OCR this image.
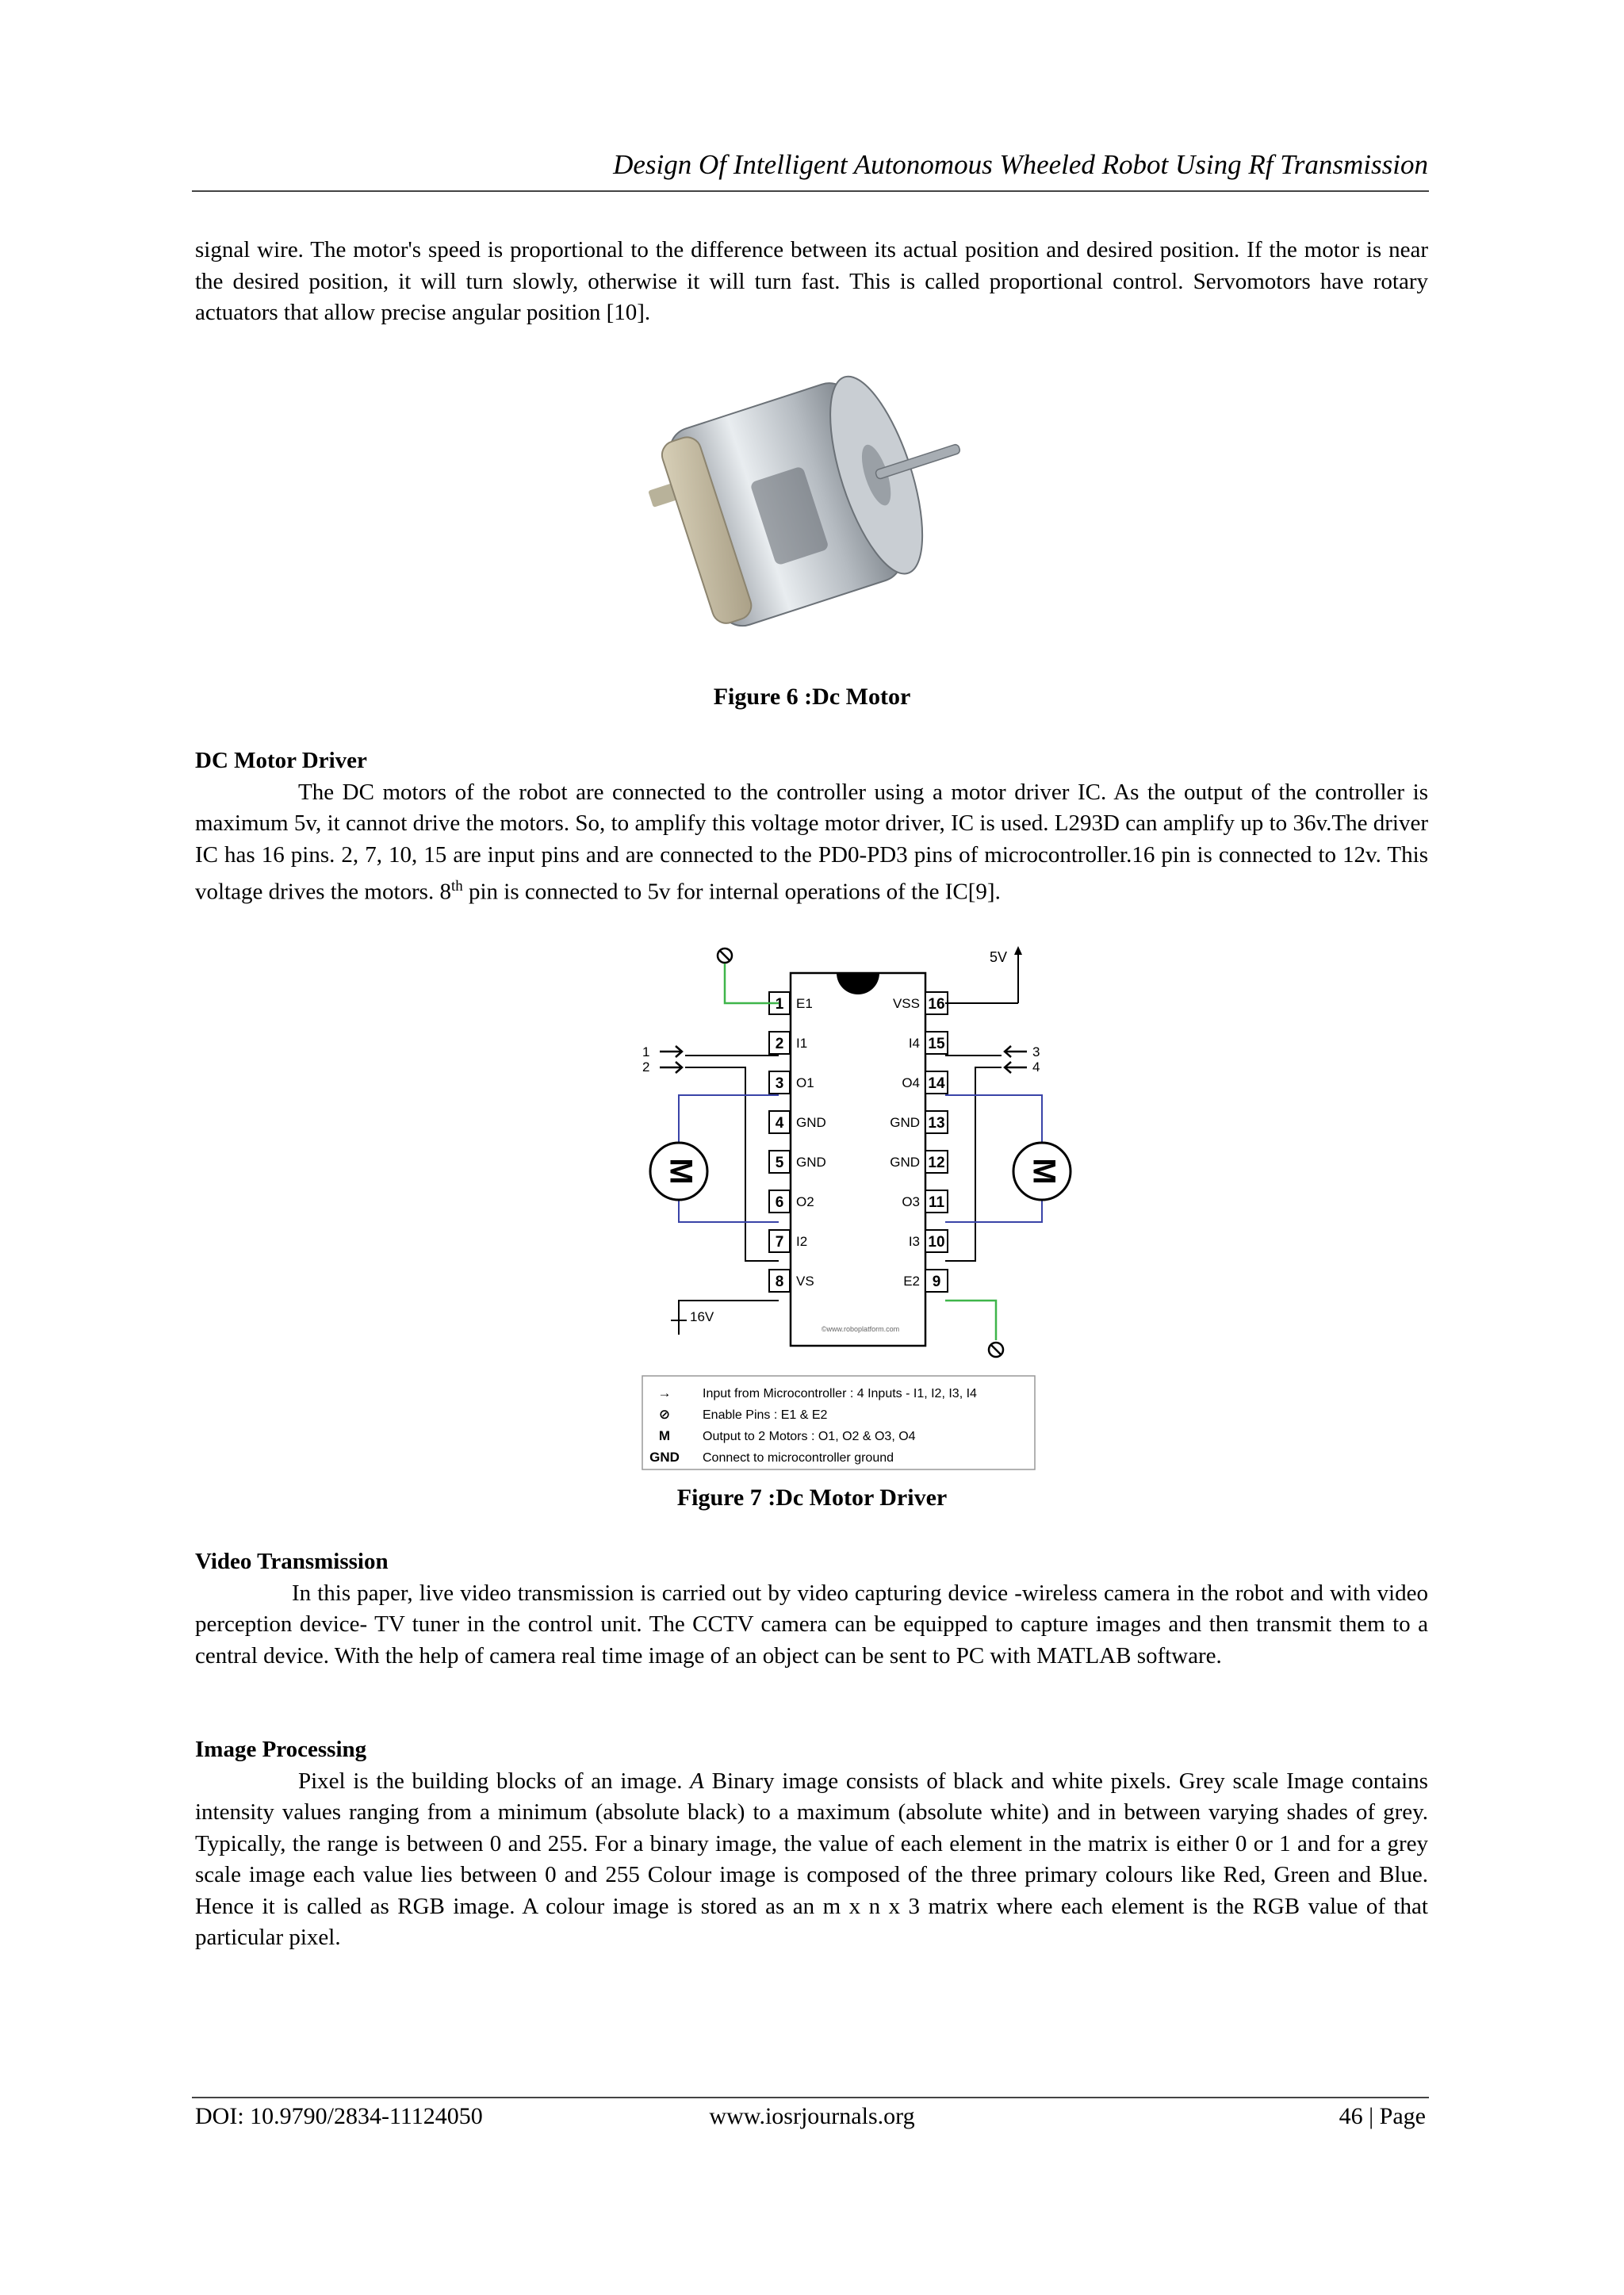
Design Of Intelligent Autonomous Wheeled Robot Using Rf Transmission

signal wire. The motor's speed is proportional to the difference between its actual position and desired position. If the motor is near the desired position, it will turn slowly, otherwise it will turn fast. This is called proportional control. Servomotors have rotary actuators that allow precise angular position [10].

Figure 6 :Dc Motor

DC Motor Driver

The DC motors of the robot are connected to the controller using a motor driver IC. As the output of the controller is maximum 5v, it cannot drive the motors. So, to amplify this voltage motor driver, IC is used. L293D can amplify up to 36v.The driver IC has 16 pins. 2, 7, 10, 15 are input pins and are connected to the PD0-PD3 pins of microcontroller.16 pin is connected to 12v. This voltage drives the motors. 8th pin is connected to 5v for internal operations of the IC[9].

1 E1
2 I1
3 O1
4 GND
5 GND
6 O2
7 I2
8 VS
16
VSS
15
I4
14
O4
13
GND
12
GND
11
O3
10
I3
9
E2
5V
1
2
3
4
M	M
16V
©www.roboplatform.com
→ Input from Microcontroller : 4 Inputs - I1, I2, I3, I4
⊘	Enable Pins : E1 & E2
M	Output to 2 Motors : O1, O2 & O3, O4
GND Connect to microcontroller ground
Figure 7 :Dc Motor Driver

Video Transmission

In this paper, live video transmission is carried out by video capturing device -wireless camera in the robot and with video perception device- TV tuner in the control unit. The CCTV camera can be equipped to capture images and then transmit them to a central device. With the help of camera real time image of an object can be sent to PC with MATLAB software.

Image Processing

Pixel is the building blocks of an image. A Binary image consists of black and white pixels. Grey scale Image contains intensity values ranging from a minimum (absolute black) to a maximum (absolute white) and in between varying shades of grey. Typically, the range is between 0 and 255. For a binary image, the value of each element in the matrix is either 0 or 1 and for a grey scale image each value lies between 0 and 255 Colour image is composed of the three primary colours like Red, Green and Blue. Hence it is called as RGB image. A colour image is stored as an m x n x 3 matrix where each element is the RGB value of that particular pixel.

DOI: 10.9790/2834-11124050	www.iosrjournals.org	46 | Page
